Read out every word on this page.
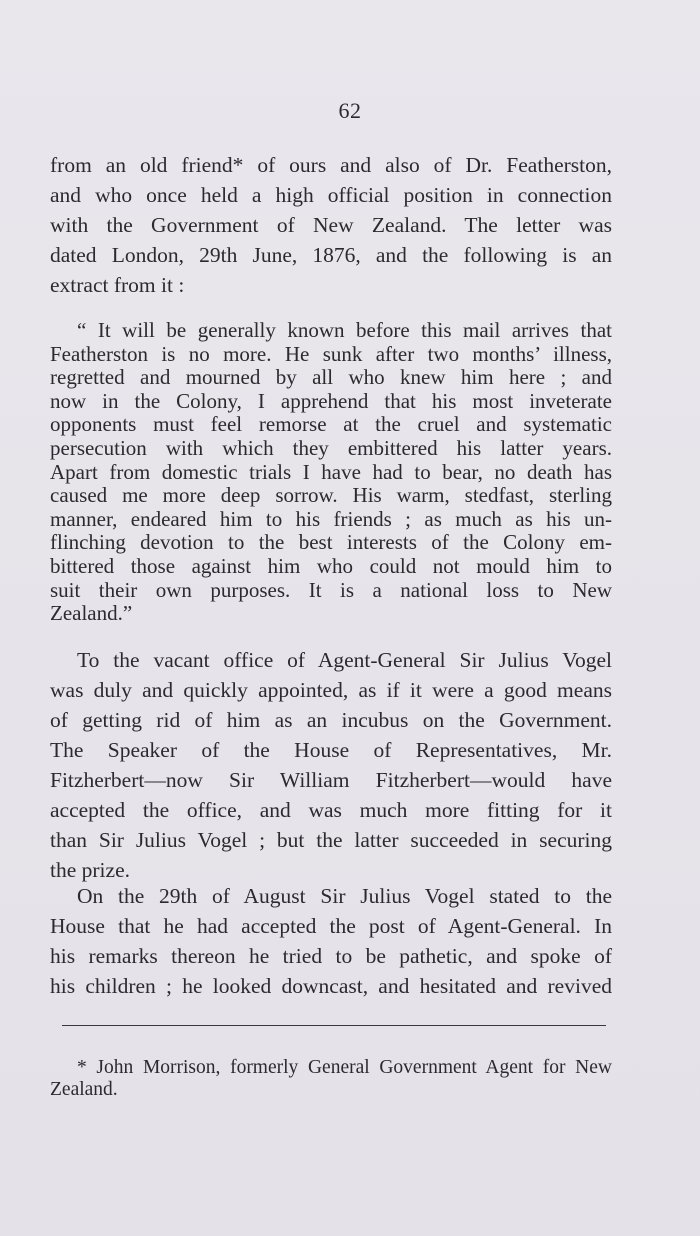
62
from an old friend* of ours and also of Dr. Featherston,
and who once held a high official position in connection
with the Government of New Zealand. The letter was
dated London, 29th June, 1876, and the following is an
extract from it :
“ It will be generally known before this mail arrives that
Featherston is no more. He sunk after two months’ illness,
regretted and mourned by all who knew him here ; and
now in the Colony, I apprehend that his most inveterate
opponents must feel remorse at the cruel and systematic
persecution with which they embittered his latter years.
Apart from domestic trials I have had to bear, no death has
caused me more deep sorrow. His warm, stedfast, sterling
manner, endeared him to his friends ; as much as his un-
flinching devotion to the best interests of the Colony em-
bittered those against him who could not mould him to
suit their own purposes. It is a national loss to New
Zealand.”
To the vacant office of Agent-General Sir Julius Vogel
was duly and quickly appointed, as if it were a good means
of getting rid of him as an incubus on the Government.
The Speaker of the House of Representatives, Mr.
Fitzherbert—now Sir William Fitzherbert—would have
accepted the office, and was much more fitting for it
than Sir Julius Vogel ; but the latter succeeded in securing
the prize.
On the 29th of August Sir Julius Vogel stated to the
House that he had accepted the post of Agent-General. In
his remarks thereon he tried to be pathetic, and spoke of
his children ; he looked downcast, and hesitated and revived
* John Morrison, formerly General Government Agent for New
Zealand.
